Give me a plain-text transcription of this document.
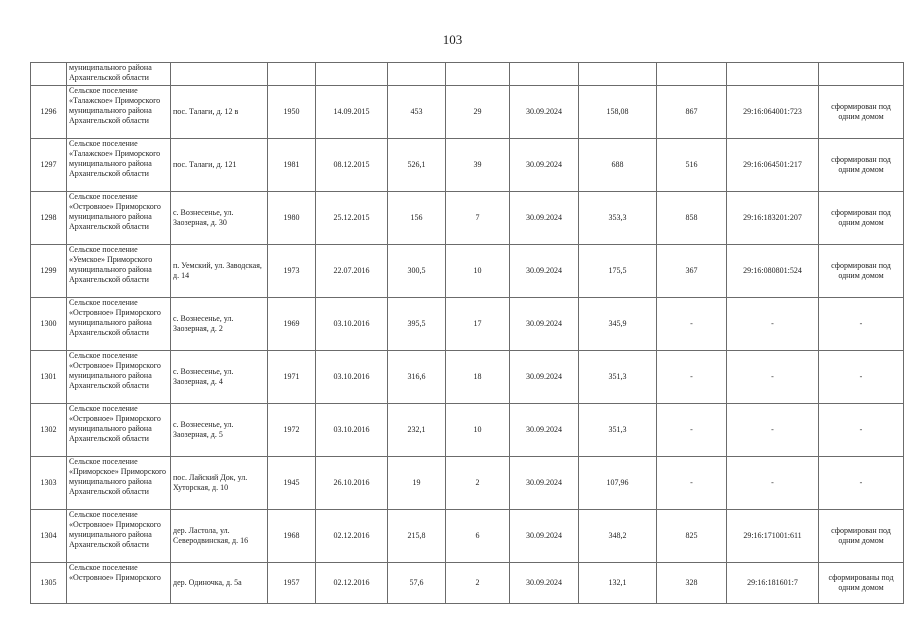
103
	муниципального района Архангельской области										
1296	Сельское поселение «Талажское» Приморского муниципального района Архангельской области	пос. Талаги, д. 12 в	1950	14.09.2015	453	29	30.09.2024	158,08	867	29:16:064001:723	сформирован под одним домом
1297	Сельское поселение «Талажское» Приморского муниципального района Архангельской области	пос. Талаги, д. 121	1981	08.12.2015	526,1	39	30.09.2024	688	516	29:16:064501:217	сформирован под одним домом
1298	Сельское поселение «Островное» Приморского муниципального района Архангельской области	с. Вознесенье, ул. Заозерная, д. 30	1980	25.12.2015	156	7	30.09.2024	353,3	858	29:16:183201:207	сформирован под одним домом
1299	Сельское поселение «Уемское» Приморского муниципального района Архангельской области	п. Уемский, ул. Заводская, д. 14	1973	22.07.2016	300,5	10	30.09.2024	175,5	367	29:16:080801:524	сформирован под одним домом
1300	Сельское поселение «Островное» Приморского муниципального района Архангельской области	с. Вознесенье, ул. Заозерная, д. 2	1969	03.10.2016	395,5	17	30.09.2024	345,9	-	-	-
1301	Сельское поселение «Островное» Приморского муниципального района Архангельской области	с. Вознесенье, ул. Заозерная, д. 4	1971	03.10.2016	316,6	18	30.09.2024	351,3	-	-	-
1302	Сельское поселение «Островное» Приморского муниципального района Архангельской области	с. Вознесенье, ул. Заозерная, д. 5	1972	03.10.2016	232,1	10	30.09.2024	351,3	-	-	-
1303	Сельское поселение «Приморское» Приморского муниципального района Архангельской области	пос. Лайский Док, ул. Хуторская, д. 10	1945	26.10.2016	19	2	30.09.2024	107,96	-	-	-
1304	Сельское поселение «Островное» Приморского муниципального района Архангельской области	дер. Ластола, ул. Северодвинская, д. 16	1968	02.12.2016	215,8	6	30.09.2024	348,2	825	29:16:171001:611	сформирован под одним домом
1305	Сельское поселение «Островное» Приморского	дер. Одиночка, д. 5а	1957	02.12.2016	57,6	2	30.09.2024	132,1	328	29:16:181601:7	сформированы под одним домом
